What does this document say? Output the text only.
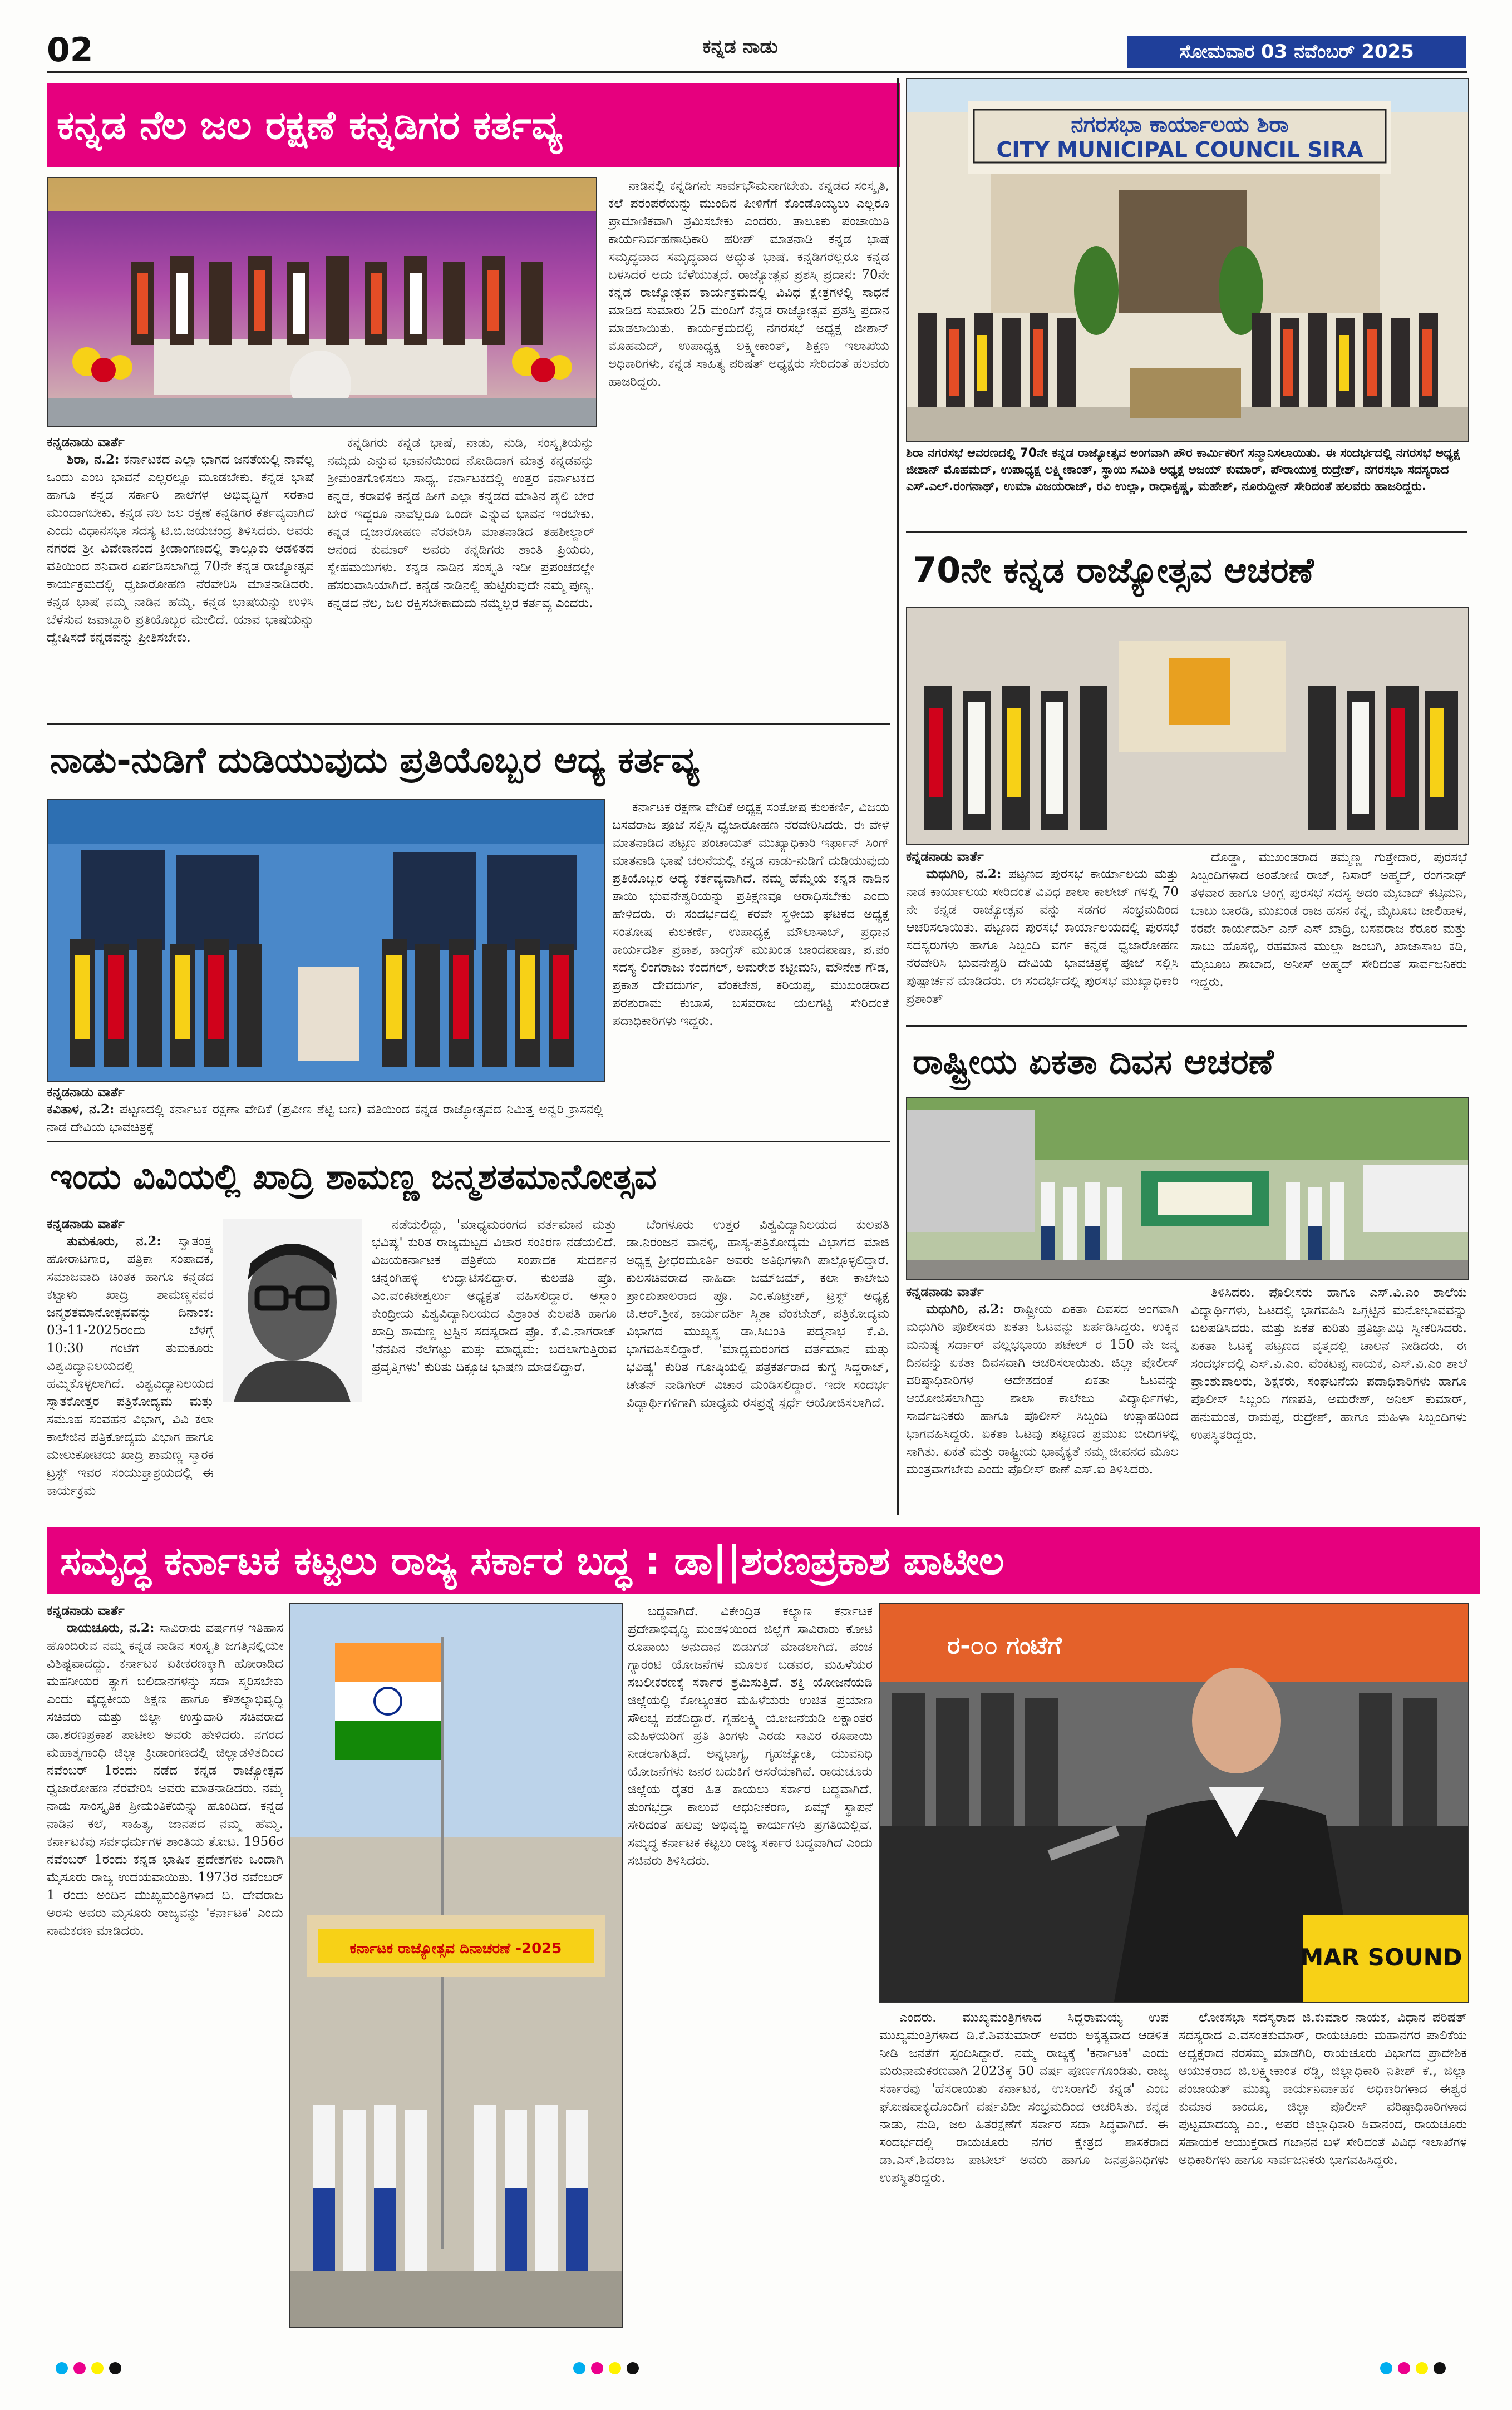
02	ಕನ್ನಡ ನಾಡು	ಸೋಮವಾರ 03 ನವೆಂಬರ್ 2025
ಕನ್ನಡ ನೆಲ ಜಲ ರಕ್ಷಣೆ ಕನ್ನಡಿಗರ ಕರ್ತವ್ಯ

ಕನ್ನಡನಾಡು ವಾರ್ತೆ

ಶಿರಾ, ನ.2: ಕರ್ನಾಟಕದ ಎಲ್ಲಾ ಭಾಗದ ಜನತೆಯಲ್ಲಿ ನಾವೆಲ್ಲ ಒಂದು ಎಂಬ ಭಾವನೆ ಎಲ್ಲರಲ್ಲೂ ಮೂಡಬೇಕು. ಕನ್ನಡ ಭಾಷೆ ಹಾಗೂ ಕನ್ನಡ ಸರ್ಕಾರಿ ಶಾಲೆಗಳ ಅಭಿವೃದ್ಧಿಗೆ ಸರಕಾರ ಮುಂದಾಗಬೇಕು. ಕನ್ನಡ ನೆಲ ಜಲ ರಕ್ಷಣೆ ಕನ್ನಡಿಗರ ಕರ್ತವ್ಯವಾಗಿದೆ ಎಂದು ವಿಧಾನಸಭಾ ಸದಸ್ಯ ಟಿ.ಬಿ.ಜಯಚಂದ್ರ ತಿಳಿಸಿದರು. ಅವರು ನಗರದ ಶ್ರೀ ವಿವೇಕಾನಂದ ಕ್ರೀಡಾಂಗಣದಲ್ಲಿ ತಾಲ್ಲೂಕು ಆಡಳಿತದ ವತಿಯಿಂದ ಶನಿವಾರ ಏರ್ಪಡಿಸಲಾಗಿದ್ದ 70ನೇ ಕನ್ನಡ ರಾಜ್ಯೋತ್ಸವ ಕಾರ್ಯಕ್ರಮದಲ್ಲಿ ಧ್ವಜಾರೋಹಣ ನೆರವೇರಿಸಿ ಮಾತನಾಡಿದರು. ಕನ್ನಡ ಭಾಷೆ ನಮ್ಮ ನಾಡಿನ ಹೆಮ್ಮೆ. ಕನ್ನಡ ಭಾಷೆಯನ್ನು ಉಳಿಸಿ ಬೆಳೆಸುವ ಜವಾಬ್ದಾರಿ ಪ್ರತಿಯೊಬ್ಬರ ಮೇಲಿದೆ. ಯಾವ ಭಾಷೆಯನ್ನು ದ್ವೇಷಿಸದೆ ಕನ್ನಡವನ್ನು ಪ್ರೀತಿಸಬೇಕು.

ಕನ್ನಡಿಗರು ಕನ್ನಡ ಭಾಷೆ, ನಾಡು, ನುಡಿ, ಸಂಸ್ಕೃತಿಯನ್ನು ನಮ್ಮದು ಎನ್ನುವ ಭಾವನೆಯಿಂದ ನೋಡಿದಾಗ ಮಾತ್ರ ಕನ್ನಡವನ್ನು ಶ್ರೀಮಂತಗೊಳಿಸಲು ಸಾಧ್ಯ. ಕರ್ನಾಟಕದಲ್ಲಿ ಉತ್ತರ ಕರ್ನಾಟಕದ ಕನ್ನಡ, ಕರಾವಳಿ ಕನ್ನಡ ಹೀಗೆ ಎಲ್ಲಾ ಕನ್ನಡದ ಮಾತಿನ ಶೈಲಿ ಬೇರೆ ಬೇರೆ ಇದ್ದರೂ ನಾವೆಲ್ಲರೂ ಒಂದೇ ಎನ್ನುವ ಭಾವನೆ ಇರಬೇಕು. ಕನ್ನಡ ದ್ವಜಾರೋಹಣ ನೆರವೇರಿಸಿ ಮಾತನಾಡಿದ ತಹಶೀಲ್ದಾರ್ ಆನಂದ ಕುಮಾರ್ ಅವರು ಕನ್ನಡಿಗರು ಶಾಂತಿ ಪ್ರಿಯರು, ಸ್ನೇಹಮಯಿಗಳು. ಕನ್ನಡ ನಾಡಿನ ಸಂಸ್ಕೃತಿ ಇಡೀ ಪ್ರಪಂಚದಲ್ಲೇ ಹೆಸರುವಾಸಿಯಾಗಿದೆ. ಕನ್ನಡ ನಾಡಿನಲ್ಲಿ ಹುಟ್ಟಿರುವುದೇ ನಮ್ಮ ಪುಣ್ಯ. ಕನ್ನಡದ ನೆಲ, ಜಲ ರಕ್ಷಿಸಬೇಕಾದುದು ನಮ್ಮೆಲ್ಲರ ಕರ್ತವ್ಯ ಎಂದರು.

ನಾಡಿನಲ್ಲಿ ಕನ್ನಡಿಗನೇ ಸಾರ್ವಭೌಮನಾಗಬೇಕು. ಕನ್ನಡದ ಸಂಸ್ಕೃತಿ, ಕಲೆ ಪರಂಪರೆಯನ್ನು ಮುಂದಿನ ಪೀಳಿಗೆಗೆ ಕೊಂಡೊಯ್ಯಲು ಎಲ್ಲರೂ ಪ್ರಾಮಾಣಿಕವಾಗಿ ಶ್ರಮಿಸಬೇಕು ಎಂದರು. ತಾಲೂಕು ಪಂಚಾಯಿತಿ ಕಾರ್ಯನಿರ್ವಹಣಾಧಿಕಾರಿ ಹರೀಶ್ ಮಾತನಾಡಿ ಕನ್ನಡ ಭಾಷೆ ಸಮೃದ್ಧವಾದ ಸಮೃದ್ಧವಾದ ಅದ್ಭುತ ಭಾಷೆ. ಕನ್ನಡಿಗರೆಲ್ಲರೂ ಕನ್ನಡ ಬಳಸಿದರೆ ಅದು ಬೆಳೆಯುತ್ತದೆ. ರಾಜ್ಯೋತ್ಸವ ಪ್ರಶಸ್ತಿ ಪ್ರದಾನ: 70ನೇ ಕನ್ನಡ ರಾಜ್ಯೋತ್ಸವ ಕಾರ್ಯಕ್ರಮದಲ್ಲಿ ವಿವಿಧ ಕ್ಷೇತ್ರಗಳಲ್ಲಿ ಸಾಧನೆ ಮಾಡಿದ ಸುಮಾರು 25 ಮಂದಿಗೆ ಕನ್ನಡ ರಾಜ್ಯೋತ್ಸವ ಪ್ರಶಸ್ತಿ ಪ್ರದಾನ ಮಾಡಲಾಯಿತು. ಕಾರ್ಯಕ್ರಮದಲ್ಲಿ ನಗರಸಭೆ ಅಧ್ಯಕ್ಷ ಜೀಶಾನ್ ಮೊಹಮದ್, ಉಪಾಧ್ಯಕ್ಷ ಲಕ್ಷ್ಮೀಕಾಂತ್, ಶಿಕ್ಷಣ ಇಲಾಖೆಯ ಅಧಿಕಾರಿಗಳು, ಕನ್ನಡ ಸಾಹಿತ್ಯ ಪರಿಷತ್ ಅಧ್ಯಕ್ಷರು ಸೇರಿದಂತೆ ಹಲವರು ಹಾಜರಿದ್ದರು.

ನಗರಸಭಾ ಕಾರ್ಯಾಲಯ ಶಿರಾ
CITY MUNICIPAL COUNCIL SIRA
ಶಿರಾ ನಗರಸಭೆ ಆವರಣದಲ್ಲಿ 70ನೇ ಕನ್ನಡ ರಾಜ್ಯೋತ್ಸವ ಅಂಗವಾಗಿ ಪೌರ ಕಾರ್ಮಿಕರಿಗೆ ಸನ್ಮಾನಿಸಲಾಯಿತು. ಈ ಸಂದರ್ಭದಲ್ಲಿ ನಗರಸಭೆ ಅಧ್ಯಕ್ಷ ಜೀಶಾನ್ ಮೊಹಮದ್, ಉಪಾಧ್ಯಕ್ಷ ಲಕ್ಷ್ಮೀಕಾಂತ್, ಸ್ಥಾಯಿ ಸಮಿತಿ ಅಧ್ಯಕ್ಷ ಅಜಯ್ ಕುಮಾರ್, ಪೌರಾಯುಕ್ತ ರುದ್ರೇಶ್, ನಗರಸಭಾ ಸದಸ್ಯರಾದ ಎಸ್.ಎಲ್.ರಂಗನಾಥ್, ಉಮಾ ವಿಜಯರಾಜ್, ರವಿ ಉಲ್ಲಾ, ರಾಧಾಕೃಷ್ಣ, ಮಹೇಶ್, ನೂರುದ್ದೀನ್ ಸೇರಿದಂತೆ ಹಲವರು ಹಾಜರಿದ್ದರು.
70ನೇ ಕನ್ನಡ ರಾಜ್ಯೋತ್ಸವ ಆಚರಣೆ

ಕನ್ನಡನಾಡು ವಾರ್ತೆ

ಮಧುಗಿರಿ, ನ.2: ಪಟ್ಟಣದ ಪುರಸಭೆ ಕಾರ್ಯಾಲಯ ಮತ್ತು ನಾಡ ಕಾರ್ಯಾಲಯ ಸೇರಿದಂತೆ ವಿವಿಧ ಶಾಲಾ ಕಾಲೇಜ್ ಗಳಲ್ಲಿ 70 ನೇ ಕನ್ನಡ ರಾಜ್ಯೋತ್ಸವ ವನ್ನು ಸಡಗರ ಸಂಭ್ರಮದಿಂದ ಆಚರಿಸಲಾಯಿತು. ಪಟ್ಟಣದ ಪುರಸಭೆ ಕಾರ್ಯಾಲಯದಲ್ಲಿ ಪುರಸಭೆ ಸದಸ್ಯರುಗಳು ಹಾಗೂ ಸಿಬ್ಬಂದಿ ವರ್ಗ ಕನ್ನಡ ಧ್ವಜಾರೋಹಣ ನೆರವೇರಿಸಿ ಭುವನೇಶ್ವರಿ ದೇವಿಯ ಭಾವಚಿತ್ರಕ್ಕೆ ಪೂಜೆ ಸಲ್ಲಿಸಿ ಪುಷ್ಪಾರ್ಚನೆ ಮಾಡಿದರು. ಈ ಸಂದರ್ಭದಲ್ಲಿ ಪುರಸಭೆ ಮುಖ್ಯಾಧಿಕಾರಿ ಪ್ರಶಾಂತ್

ದೊಡ್ಡಾ, ಮುಖಂಡರಾದ ತಮ್ಮಣ್ಣ ಗುತ್ತೇದಾರ, ಪುರಸಭೆ ಸಿಬ್ಬಂದಿಗಳಾದ ಅಂತೋಣಿ ರಾಜ್, ನಿಸಾರ್ ಅಹ್ಮದ್, ರಂಗನಾಥ್ ತಳವಾರ ಹಾಗೂ ಆಂಗ್ಲ ಪುರಸಭೆ ಸದಸ್ಯ ಅದಂ ಮೈಬಾದ್ ಕಟ್ಟಿಮನಿ, ಬಾಬು ಬಾರಡಿ, ಮುಖಂಡ ರಾಜ ಹಸನ ಕನ್ನ, ಮೈಬೂಬ ಜಾಲಿಹಾಳ, ಕರವೇ ಕಾರ್ಯದರ್ಶಿ ಎನ್ ಎಸ್ ಖಾದ್ರಿ, ಬಸವರಾಜ ಕೆರೂರ ಮತ್ತು ಸಾಬು ಹೊಸಳ್ಳಿ, ರಹಮಾನ ಮುಲ್ಲಾ ಜಂಬಗಿ, ಖಾಜಾಸಾಬ ಕಡಿ, ಮೈಬೂಬ ಶಾಬಾದ, ಅನೀಸ್ ಅಹ್ಮದ್ ಸೇರಿದಂತೆ ಸಾರ್ವಜನಿಕರು ಇದ್ದರು.

ರಾಷ್ಟ್ರೀಯ ಏಕತಾ ದಿವಸ ಆಚರಣೆ

ಕನ್ನಡನಾಡು ವಾರ್ತೆ

ಮಧುಗಿರಿ, ನ.2: ರಾಷ್ಟ್ರೀಯ ಏಕತಾ ದಿವಸದ ಅಂಗವಾಗಿ ಮಧುಗಿರಿ ಪೊಲೀಸರು ಏಕತಾ ಓಟವನ್ನು ಏರ್ಪಡಿಸಿದ್ದರು. ಉಕ್ಕಿನ ಮನುಷ್ಯ ಸರ್ದಾರ್ ವಲ್ಲಭಭಾಯಿ ಪಟೇಲ್ ರ 150 ನೇ ಜನ್ಮ ದಿನವನ್ನು ಏಕತಾ ದಿವಸವಾಗಿ ಆಚರಿಸಲಾಯಿತು. ಜಿಲ್ಲಾ ಪೊಲೀಸ್ ವರಿಷ್ಠಾಧಿಕಾರಿಗಳ ಆದೇಶದಂತೆ ಏಕತಾ ಓಟವನ್ನು ಆಯೋಜಿಸಲಾಗಿದ್ದು ಶಾಲಾ ಕಾಲೇಜು ವಿದ್ಯಾರ್ಥಿಗಳು, ಸಾರ್ವಜನಿಕರು ಹಾಗೂ ಪೊಲೀಸ್ ಸಿಬ್ಬಂದಿ ಉತ್ಸಾಹದಿಂದ ಭಾಗವಹಿಸಿದ್ದರು. ಏಕತಾ ಓಟವು ಪಟ್ಟಣದ ಪ್ರಮುಖ ಬೀದಿಗಳಲ್ಲಿ ಸಾಗಿತು. ಏಕತೆ ಮತ್ತು ರಾಷ್ಟ್ರೀಯ ಭಾವೈಕ್ಯತೆ ನಮ್ಮ ಜೀವನದ ಮೂಲ ಮಂತ್ರವಾಗಬೇಕು ಎಂದು ಪೊಲೀಸ್ ಠಾಣೆ ಎಸ್.ಐ ತಿಳಿಸಿದರು.

ತಿಳಿಸಿದರು. ಪೊಲೀಸರು ಹಾಗೂ ಎಸ್.ವಿ.ಎಂ ಶಾಲೆಯ ವಿದ್ಯಾರ್ಥಿಗಳು, ಓಟದಲ್ಲಿ ಭಾಗವಹಿಸಿ ಒಗ್ಗಟ್ಟಿನ ಮನೋಭಾವವನ್ನು ಬಲಪಡಿಸಿದರು. ಮತ್ತು ಏಕತೆ ಕುರಿತು ಪ್ರತಿಜ್ಞಾವಿಧಿ ಸ್ವೀಕರಿಸಿದರು. ಏಕತಾ ಓಟಕ್ಕೆ ಪಟ್ಟಣದ ವೃತ್ತದಲ್ಲಿ ಚಾಲನೆ ನೀಡಿದರು. ಈ ಸಂದರ್ಭದಲ್ಲಿ ಎಸ್.ವಿ.ಎಂ. ವೆಂಕಟಪ್ಪ ನಾಯಕ, ಎಸ್.ವಿ.ಎಂ ಶಾಲೆ ಪ್ರಾಂಶುಪಾಲರು, ಶಿಕ್ಷಕರು, ಸಂಘಟನೆಯ ಪದಾಧಿಕಾರಿಗಳು ಹಾಗೂ ಪೊಲೀಸ್ ಸಿಬ್ಬಂದಿ ಗಣಪತಿ, ಅಮರೇಶ್, ಅನಿಲ್ ಕುಮಾರ್, ಹನುಮಂತ, ರಾಮಪ್ಪ, ರುದ್ರೇಶ್, ಹಾಗೂ ಮಹಿಳಾ ಸಿಬ್ಬಂದಿಗಳು ಉಪಸ್ಥಿತರಿದ್ದರು.

ನಾಡು-ನುಡಿಗೆ ದುಡಿಯುವುದು ಪ್ರತಿಯೊಬ್ಬರ ಆದ್ಯ ಕರ್ತವ್ಯ

ಕನ್ನಡನಾಡು ವಾರ್ತೆ

ಕವಿತಾಳ, ನ.2: ಪಟ್ಟಣದಲ್ಲಿ ಕರ್ನಾಟಕ ರಕ್ಷಣಾ ವೇದಿಕೆ (ಪ್ರವೀಣ ಶೆಟ್ಟಿ ಬಣ) ವತಿಯಿಂದ ಕನ್ನಡ ರಾಜ್ಯೋತ್ಸವದ ನಿಮಿತ್ತ ಅನ್ವರಿ ಕ್ರಾಸನಲ್ಲಿ ನಾಡ ದೇವಿಯ ಭಾವಚಿತ್ರಕ್ಕೆ

ಕರ್ನಾಟಕ ರಕ್ಷಣಾ ವೇದಿಕೆ ಅಧ್ಯಕ್ಷ ಸಂತೋಷ ಕುಲಕರ್ಣಿ, ವಿಜಯ ಬಸವರಾಜ ಪೂಜೆ ಸಲ್ಲಿಸಿ ಧ್ವಜಾರೋಹಣ ನೆರವೇರಿಸಿದರು. ಈ ವೇಳೆ ಮಾತನಾಡಿದ ಪಟ್ಟಣ ಪಂಚಾಯತ್ ಮುಖ್ಯಾಧಿಕಾರಿ ಇರ್ಫಾನ್ ಸಿಂಗ್ ಮಾತನಾಡಿ ಭಾಷೆ ಚಲನೆಯಲ್ಲಿ ಕನ್ನಡ ನಾಡು-ನುಡಿಗೆ ದುಡಿಯುವುದು ಪ್ರತಿಯೊಬ್ಬರ ಆದ್ಯ ಕರ್ತವ್ಯವಾಗಿದೆ. ನಮ್ಮ ಹೆಮ್ಮೆಯ ಕನ್ನಡ ನಾಡಿನ ತಾಯಿ ಭುವನೇಶ್ವರಿಯನ್ನು ಪ್ರತಿಕ್ಷಣವೂ ಆರಾಧಿಸಬೇಕು ಎಂದು ಹೇಳಿದರು. ಈ ಸಂದರ್ಭದಲ್ಲಿ ಕರವೇ ಸ್ಥಳೀಯ ಘಟಕದ ಅಧ್ಯಕ್ಷ ಸಂತೋಷ ಕುಲಕರ್ಣಿ, ಉಪಾಧ್ಯಕ್ಷ ಮೌಲಾಸಾಬ್, ಪ್ರಧಾನ ಕಾರ್ಯದರ್ಶಿ ಪ್ರಕಾಶ, ಕಾಂಗ್ರೆಸ್ ಮುಖಂಡ ಚಾಂದಪಾಷಾ, ಪ.ಪಂ ಸದಸ್ಯ ಲಿಂಗರಾಜು ಕಂದಗಲ್, ಅಮರೇಶ ಕಟ್ಟೀಮನಿ, ಮೌನೇಶ ಗೌಡ, ಪ್ರಕಾಶ ದೇವದುರ್ಗ, ವೆಂಕಟೇಶ, ಕರಿಯಪ್ಪ, ಮುಖಂಡರಾದ ಪರಶುರಾಮ ಕುಬಾಸ, ಬಸವರಾಜ ಯಲಗಟ್ಟಿ ಸೇರಿದಂತೆ ಪದಾಧಿಕಾರಿಗಳು ಇದ್ದರು.

ಇಂದು ವಿವಿಯಲ್ಲಿ ಖಾದ್ರಿ ಶಾಮಣ್ಣ ಜನ್ಮಶತಮಾನೋತ್ಸವ

ಕನ್ನಡನಾಡು ವಾರ್ತೆ

ತುಮಕೂರು, ನ.2: ಸ್ವಾತಂತ್ರ್ಯ ಹೋರಾಟಗಾರ, ಪತ್ರಿಕಾ ಸಂಪಾದಕ, ಸಮಾಜವಾದಿ ಚಿಂತಕ ಹಾಗೂ ಕನ್ನಡದ ಕಟ್ಟಾಳು ಖಾದ್ರಿ ಶಾಮಣ್ಣನವರ ಜನ್ಮಶತಮಾನೋತ್ಸವವನ್ನು ದಿನಾಂಕ: 03-11-2025ರಂದು ಬೆಳಗ್ಗೆ 10:30 ಗಂಟೆಗೆ ತುಮಕೂರು ವಿಶ್ವವಿದ್ಯಾನಿಲಯದಲ್ಲಿ ಹಮ್ಮಿಕೊಳ್ಳಲಾಗಿದೆ. ವಿಶ್ವವಿದ್ಯಾನಿಲಯದ ಸ್ನಾತಕೋತ್ತರ ಪತ್ರಿಕೋದ್ಯಮ ಮತ್ತು ಸಮೂಹ ಸಂವಹನ ವಿಭಾಗ, ವಿವಿ ಕಲಾ ಕಾಲೇಜಿನ ಪತ್ರಿಕೋದ್ಯಮ ವಿಭಾಗ ಹಾಗೂ ಮೇಲುಕೋಟೆಯ ಖಾದ್ರಿ ಶಾಮಣ್ಣ ಸ್ಮಾರಕ ಟ್ರಸ್ಟ್ ಇವರ ಸಂಯುಕ್ತಾಶ್ರಯದಲ್ಲಿ ಈ ಕಾರ್ಯಕ್ರಮ

ನಡೆಯಲಿದ್ದು, 'ಮಾಧ್ಯಮರಂಗದ ವರ್ತಮಾನ ಮತ್ತು ಭವಿಷ್ಯ' ಕುರಿತ ರಾಜ್ಯಮಟ್ಟದ ವಿಚಾರ ಸಂಕಿರಣ ನಡೆಯಲಿದೆ. ವಿಜಯಕರ್ನಾಟಕ ಪತ್ರಿಕೆಯ ಸಂಪಾದಕ ಸುದರ್ಶನ ಚನ್ನಂಗಿಹಳ್ಳಿ ಉದ್ಘಾಟಿಸಲಿದ್ದಾರೆ. ಕುಲಪತಿ ಪ್ರೊ. ಎಂ.ವೆಂಕಟೇಶ್ವರ್ಲು ಅಧ್ಯಕ್ಷತೆ ವಹಿಸಲಿದ್ದಾರೆ. ಅಸ್ಸಾಂ ಕೇಂದ್ರೀಯ ವಿಶ್ವವಿದ್ಯಾನಿಲಯದ ವಿಶ್ರಾಂತ ಕುಲಪತಿ ಹಾಗೂ ಖಾದ್ರಿ ಶಾಮಣ್ಣ ಟ್ರಸ್ಟಿನ ಸದಸ್ಯರಾದ ಪ್ರೊ. ಕೆ.ವಿ.ನಾಗರಾಜ್ 'ನೆನಪಿನ ನೆಲೆಗಟ್ಟು ಮತ್ತು ಮಾಧ್ಯಮ: ಬದಲಾಗುತ್ತಿರುವ ಪ್ರವೃತ್ತಿಗಳು' ಕುರಿತು ದಿಕ್ಸೂಚಿ ಭಾಷಣ ಮಾಡಲಿದ್ದಾರೆ.

ಬೆಂಗಳೂರು ಉತ್ತರ ವಿಶ್ವವಿದ್ಯಾನಿಲಯದ ಕುಲಪತಿ ಡಾ.ನಿರಂಜನ ವಾನಳ್ಳಿ, ಹಾಸ್ಯ-ಪತ್ರಿಕೋದ್ಯಮ ವಿಭಾಗದ ಮಾಜಿ ಅಧ್ಯಕ್ಷ ಶ್ರೀಧರಮೂರ್ತಿ ಅವರು ಅತಿಥಿಗಳಾಗಿ ಪಾಲ್ಗೊಳ್ಳಲಿದ್ದಾರೆ. ಕುಲಸಚಿವರಾದ ನಾಹಿದಾ ಜಮ್‌ಜಮ್, ಕಲಾ ಕಾಲೇಜು ಪ್ರಾಂಶುಪಾಲರಾದ ಪ್ರೊ. ಎಂ.ಕೊಟ್ರೇಶ್, ಟ್ರಸ್ಟ್ ಅಧ್ಯಕ್ಷ ಜಿ.ಆರ್.ಶ್ರೀಕ, ಕಾರ್ಯದರ್ಶಿ ಸ್ಮಿತಾ ವೆಂಕಟೇಶ್, ಪತ್ರಿಕೋದ್ಯಮ ವಿಭಾಗದ ಮುಖ್ಯಸ್ಥ ಡಾ.ಸಿಬಂತಿ ಪದ್ಮನಾಭ ಕೆ.ವಿ. ಭಾಗವಹಿಸಲಿದ್ದಾರೆ. 'ಮಾಧ್ಯಮರಂಗದ ವರ್ತಮಾನ ಮತ್ತು ಭವಿಷ್ಯ' ಕುರಿತ ಗೋಷ್ಠಿಯಲ್ಲಿ ಪತ್ರಕರ್ತರಾದ ಕುಗ್ವೆ ಸಿದ್ದರಾಜ್, ಚೇತನ್ ನಾಡಿಗೇರ್ ವಿಚಾರ ಮಂಡಿಸಲಿದ್ದಾರೆ. ಇದೇ ಸಂದರ್ಭ ವಿದ್ಯಾರ್ಥಿಗಳಿಗಾಗಿ ಮಾಧ್ಯಮ ರಸಪ್ರಶ್ನೆ ಸ್ಪರ್ಧೆ ಆಯೋಜಿಸಲಾಗಿದೆ.

ಸಮೃದ್ಧ ಕರ್ನಾಟಕ ಕಟ್ಟಲು ರಾಜ್ಯ ಸರ್ಕಾರ ಬದ್ಧ : ಡಾ||ಶರಣಪ್ರಕಾಶ ಪಾಟೀಲ

ಕನ್ನಡನಾಡು ವಾರ್ತೆ

ರಾಯಚೂರು, ನ.2: ಸಾವಿರಾರು ವರ್ಷಗಳ ಇತಿಹಾಸ ಹೊಂದಿರುವ ನಮ್ಮ ಕನ್ನಡ ನಾಡಿನ ಸಂಸ್ಕೃತಿ ಜಗತ್ತಿನಲ್ಲಿಯೇ ವಿಶಿಷ್ಟವಾದದ್ದು. ಕರ್ನಾಟಕ ಏಕೀಕರಣಕ್ಕಾಗಿ ಹೋರಾಡಿದ ಮಹನೀಯರ ತ್ಯಾಗ ಬಲಿದಾನಗಳನ್ನು ಸದಾ ಸ್ಮರಿಸಬೇಕು ಎಂದು ವೈದ್ಯಕೀಯ ಶಿಕ್ಷಣ ಹಾಗೂ ಕೌಶಲ್ಯಾಭಿವೃದ್ಧಿ ಸಚಿವರು ಮತ್ತು ಜಿಲ್ಲಾ ಉಸ್ತುವಾರಿ ಸಚಿವರಾದ ಡಾ.ಶರಣಪ್ರಕಾಶ ಪಾಟೀಲ ಅವರು ಹೇಳಿದರು. ನಗರದ ಮಹಾತ್ಮಗಾಂಧಿ ಜಿಲ್ಲಾ ಕ್ರೀಡಾಂಗಣದಲ್ಲಿ ಜಿಲ್ಲಾಡಳಿತದಿಂದ ನವೆಂಬರ್ 1ರಂದು ನಡೆದ ಕನ್ನಡ ರಾಜ್ಯೋತ್ಸವ ಧ್ವಜಾರೋಹಣ ನೆರವೇರಿಸಿ ಅವರು ಮಾತನಾಡಿದರು. ನಮ್ಮ ನಾಡು ಸಾಂಸ್ಕೃತಿಕ ಶ್ರೀಮಂತಿಕೆಯನ್ನು ಹೊಂದಿದೆ. ಕನ್ನಡ ನಾಡಿನ ಕಲೆ, ಸಾಹಿತ್ಯ, ಜಾನಪದ ನಮ್ಮ ಹೆಮ್ಮೆ. ಕರ್ನಾಟಕವು ಸರ್ವಧರ್ಮಗಳ ಶಾಂತಿಯ ತೋಟ. 1956ರ ನವೆಂಬರ್ 1ರಂದು ಕನ್ನಡ ಭಾಷಿಕ ಪ್ರದೇಶಗಳು ಒಂದಾಗಿ ಮೈಸೂರು ರಾಜ್ಯ ಉದಯವಾಯಿತು. 1973ರ ನವೆಂಬರ್ 1 ರಂದು ಅಂದಿನ ಮುಖ್ಯಮಂತ್ರಿಗಳಾದ ದಿ. ದೇವರಾಜ ಅರಸು ಅವರು ಮೈಸೂರು ರಾಜ್ಯವನ್ನು 'ಕರ್ನಾಟಕ' ಎಂದು ನಾಮಕರಣ ಮಾಡಿದರು.

ಕರ್ನಾಟಕ ರಾಜ್ಯೋತ್ಸವ ದಿನಾಚರಣೆ -2025

ಬದ್ಧವಾಗಿದೆ. ವಿಕೇಂದ್ರಿತ ಕಲ್ಯಾಣ ಕರ್ನಾಟಕ ಪ್ರದೇಶಾಭಿವೃದ್ಧಿ ಮಂಡಳಿಯಿಂದ ಜಿಲ್ಲೆಗೆ ಸಾವಿರಾರು ಕೋಟಿ ರೂಪಾಯಿ ಅನುದಾನ ಬಿಡುಗಡೆ ಮಾಡಲಾಗಿದೆ. ಪಂಚ ಗ್ಯಾರಂಟಿ ಯೋಜನೆಗಳ ಮೂಲಕ ಬಡವರ, ಮಹಿಳೆಯರ ಸಬಲೀಕರಣಕ್ಕೆ ಸರ್ಕಾರ ಶ್ರಮಿಸುತ್ತಿದೆ. ಶಕ್ತಿ ಯೋಜನೆಯಡಿ ಜಿಲ್ಲೆಯಲ್ಲಿ ಕೋಟ್ಯಂತರ ಮಹಿಳೆಯರು ಉಚಿತ ಪ್ರಯಾಣ ಸೌಲಭ್ಯ ಪಡೆದಿದ್ದಾರೆ. ಗೃಹಲಕ್ಷ್ಮಿ ಯೋಜನೆಯಡಿ ಲಕ್ಷಾಂತರ ಮಹಿಳೆಯರಿಗೆ ಪ್ರತಿ ತಿಂಗಳು ಎರಡು ಸಾವಿರ ರೂಪಾಯಿ ನೀಡಲಾಗುತ್ತಿದೆ. ಅನ್ನಭಾಗ್ಯ, ಗೃಹಜ್ಯೋತಿ, ಯುವನಿಧಿ ಯೋಜನೆಗಳು ಜನರ ಬದುಕಿಗೆ ಆಸರೆಯಾಗಿವೆ. ರಾಯಚೂರು ಜಿಲ್ಲೆಯ ರೈತರ ಹಿತ ಕಾಯಲು ಸರ್ಕಾರ ಬದ್ಧವಾಗಿದೆ. ತುಂಗಭದ್ರಾ ಕಾಲುವೆ ಆಧುನೀಕರಣ, ಏಮ್ಸ್ ಸ್ಥಾಪನೆ ಸೇರಿದಂತೆ ಹಲವು ಅಭಿವೃದ್ಧಿ ಕಾರ್ಯಗಳು ಪ್ರಗತಿಯಲ್ಲಿವೆ. ಸಮೃದ್ಧ ಕರ್ನಾಟಕ ಕಟ್ಟಲು ರಾಜ್ಯ ಸರ್ಕಾರ ಬದ್ಧವಾಗಿದೆ ಎಂದು ಸಚಿವರು ತಿಳಿಸಿದರು.

ರ-೦೦ ಗಂಟೆಗೆ
MAR SOUND

ಎಂದರು. ಮುಖ್ಯಮಂತ್ರಿಗಳಾದ ಸಿದ್ದರಾಮಯ್ಯ ಉಪ ಮುಖ್ಯಮಂತ್ರಿಗಳಾದ ಡಿ.ಕೆ.ಶಿವಕುಮಾರ್ ಅವರು ಅಕ್ಕತ್ಯವಾದ ಆಡಳಿತ ನೀಡಿ ಜನತೆಗೆ ಸ್ಪಂದಿಸಿದ್ದಾರೆ. ನಮ್ಮ ರಾಜ್ಯಕ್ಕೆ 'ಕರ್ನಾಟಕ' ಎಂದು ಮರುನಾಮಕರಣವಾಗಿ 2023ಕ್ಕೆ 50 ವರ್ಷ ಪೂರ್ಣಗೊಂಡಿತು. ರಾಜ್ಯ ಸರ್ಕಾರವು 'ಹೆಸರಾಯಿತು ಕರ್ನಾಟಕ, ಉಸಿರಾಗಲಿ ಕನ್ನಡ' ಎಂಬ ಘೋಷವಾಕ್ಯದೊಂದಿಗೆ ವರ್ಷವಿಡೀ ಸಂಭ್ರಮದಿಂದ ಆಚರಿಸಿತು. ಕನ್ನಡ ನಾಡು, ನುಡಿ, ಜಲ ಹಿತರಕ್ಷಣೆಗೆ ಸರ್ಕಾರ ಸದಾ ಸಿದ್ಧವಾಗಿದೆ. ಈ ಸಂದರ್ಭದಲ್ಲಿ ರಾಯಚೂರು ನಗರ ಕ್ಷೇತ್ರದ ಶಾಸಕರಾದ ಡಾ.ಎಸ್.ಶಿವರಾಜ ಪಾಟೀಲ್ ಅವರು ಹಾಗೂ ಜನಪ್ರತಿನಿಧಿಗಳು ಉಪಸ್ಥಿತರಿದ್ದರು.

ಲೋಕಸಭಾ ಸದಸ್ಯರಾದ ಜಿ.ಕುಮಾರ ನಾಯಕ, ವಿಧಾನ ಪರಿಷತ್ ಸದಸ್ಯರಾದ ಎ.ವಸಂತಕುಮಾರ್, ರಾಯಚೂರು ಮಹಾನಗರ ಪಾಲಿಕೆಯ ಅಧ್ಯಕ್ಷರಾದ ನರಸಮ್ಮ ಮಾಡಗಿರಿ, ರಾಯಚೂರು ವಿಭಾಗದ ಪ್ರಾದೇಶಿಕ ಆಯುಕ್ತರಾದ ಜಿ.ಲಕ್ಷ್ಮೀಕಾಂತ ರೆಡ್ಡಿ, ಜಿಲ್ಲಾಧಿಕಾರಿ ನಿತೀಶ್ ಕೆ., ಜಿಲ್ಲಾ ಪಂಚಾಯತ್ ಮುಖ್ಯ ಕಾರ್ಯನಿರ್ವಾಹಕ ಅಧಿಕಾರಿಗಳಾದ ಈಶ್ವರ ಕುಮಾರ ಕಾಂದೂ, ಜಿಲ್ಲಾ ಪೊಲೀಸ್ ವರಿಷ್ಠಾಧಿಕಾರಿಗಳಾದ ಪುಟ್ಟಮಾದಯ್ಯ ಎಂ., ಅಪರ ಜಿಲ್ಲಾಧಿಕಾರಿ ಶಿವಾನಂದ, ರಾಯಚೂರು ಸಹಾಯಕ ಆಯುಕ್ತರಾದ ಗಜಾನನ ಬಳೆ ಸೇರಿದಂತೆ ವಿವಿಧ ಇಲಾಖೆಗಳ ಅಧಿಕಾರಿಗಳು ಹಾಗೂ ಸಾರ್ವಜನಿಕರು ಭಾಗವಹಿಸಿದ್ದರು.
